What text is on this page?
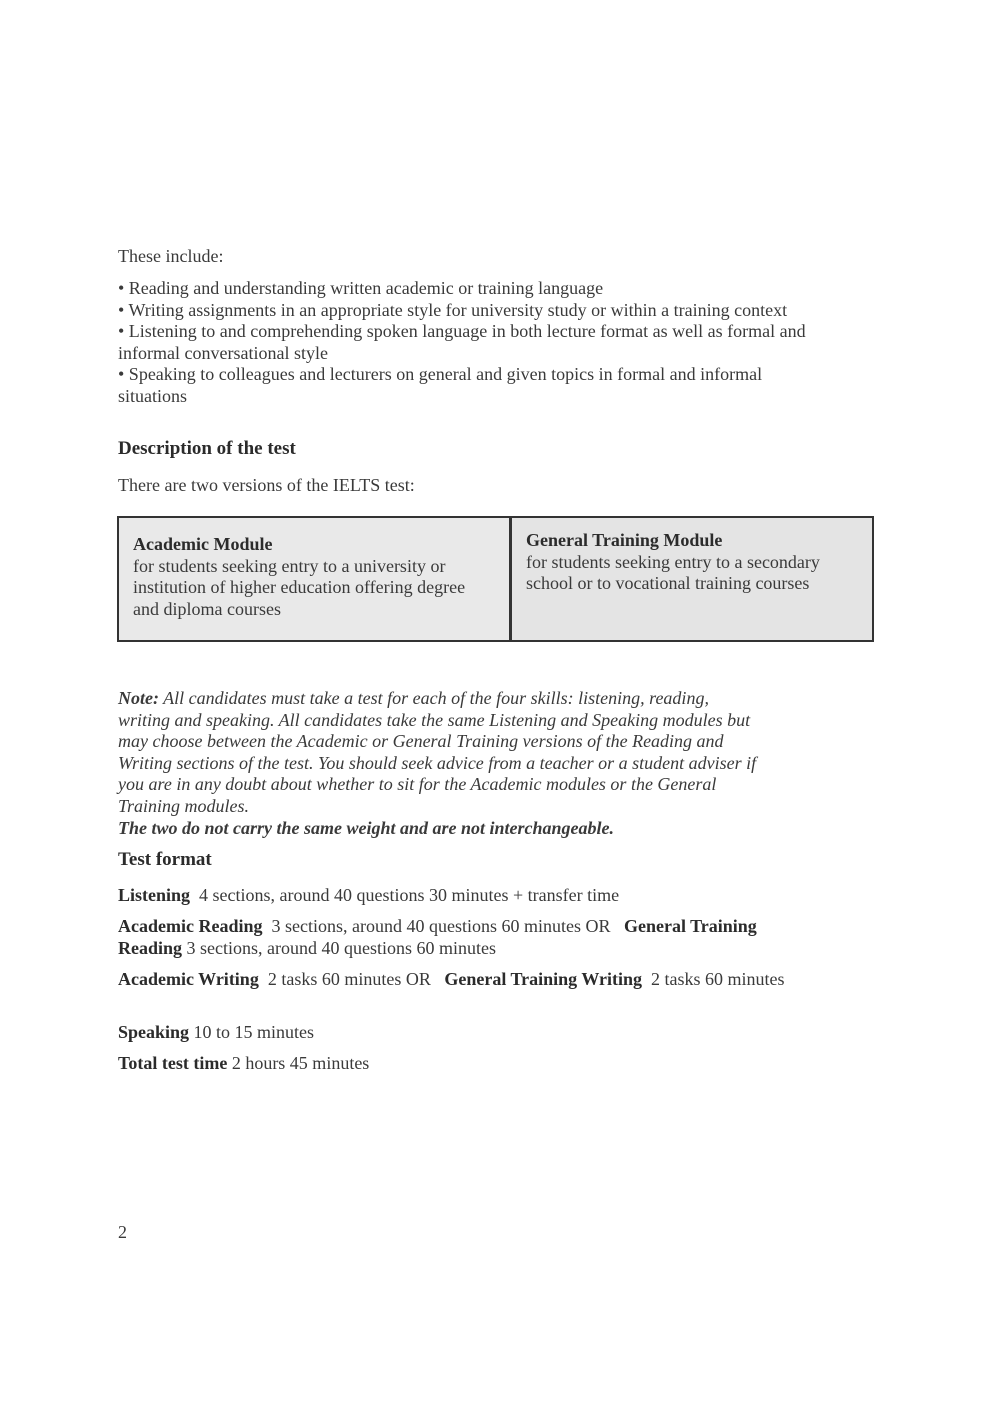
These include:
• Reading and understanding written academic or training language
• Writing assignments in an appropriate style for university study or within a training context
• Listening to and comprehending spoken language in both lecture format as well as formal and informal conversational style
• Speaking to colleagues and lecturers on general and given topics in formal and informal situations
Description of the test
There are two versions of the IELTS test:
Academic Module
for students seeking entry to a university or institution of higher education offering degree and diploma courses
General Training Module
for students seeking entry to a secondary school or to vocational training courses
Note: All candidates must take a test for each of the four skills: listening, reading, writing and speaking. All candidates take the same Listening and Speaking modules but may choose between the Academic or General Training versions of the Reading and Writing sections of the test. You should seek advice from a teacher or a student adviser if you are in any doubt about whether to sit for the Academic modules or the General Training modules.
The two do not carry the same weight and are not interchangeable.
Test format
Listening 4 sections, around 40 questions 30 minutes + transfer time
Academic Reading 3 sections, around 40 questions 60 minutes OR   General Training Reading 3 sections, around 40 questions 60 minutes
Academic Writing 2 tasks 60 minutes OR   General Training Writing 2 tasks 60 minutes
Speaking 10 to 15 minutes
Total test time 2 hours 45 minutes
2
